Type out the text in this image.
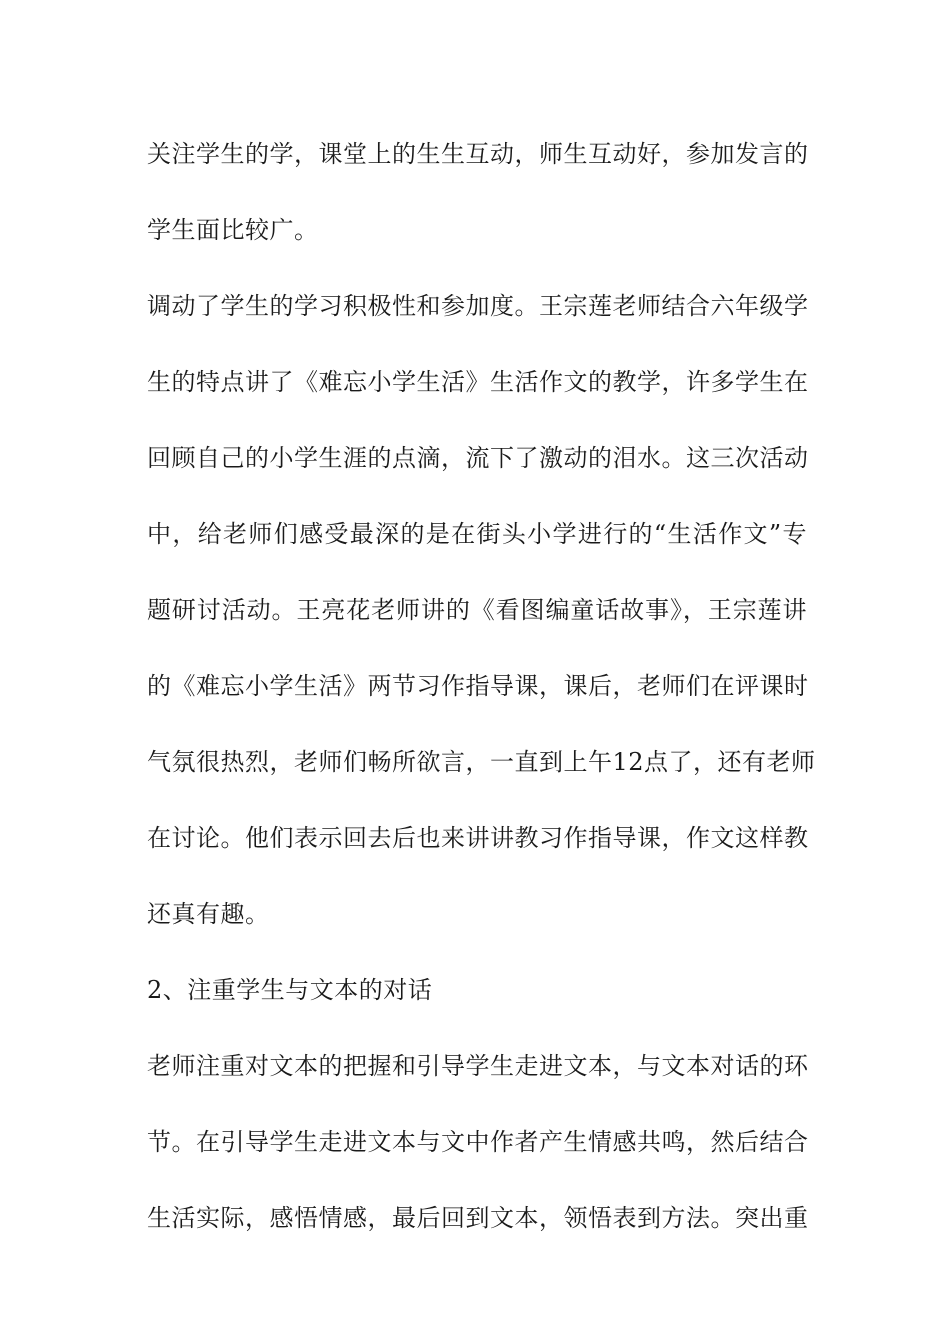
关注学生的学，课堂上的生生互动，师生互动好，参加发言的
学生面比较广。
调动了学生的学习积极性和参加度。王宗莲老师结合六年级学
生的特点讲了《难忘小学生活》生活作文的教学，许多学生在
回顾自己的小学生涯的点滴，流下了激动的泪水。这三次活动
中，给老师们感受最深的是在街头小学进行的“生活作文”专
题研讨活动。王亮花老师讲的《看图编童话故事》，王宗莲讲
的《难忘小学生活》两节习作指导课，课后，老师们在评课时
气氛很热烈，老师们畅所欲言，一直到上午12点了，还有老师
在讨论。他们表示回去后也来讲讲教习作指导课，作文这样教
还真有趣。
2、注重学生与文本的对话
老师注重对文本的把握和引导学生走进文本，与文本对话的环
节。在引导学生走进文本与文中作者产生情感共鸣，然后结合
生活实际，感悟情感，最后回到文本，领悟表到方法。突出重
